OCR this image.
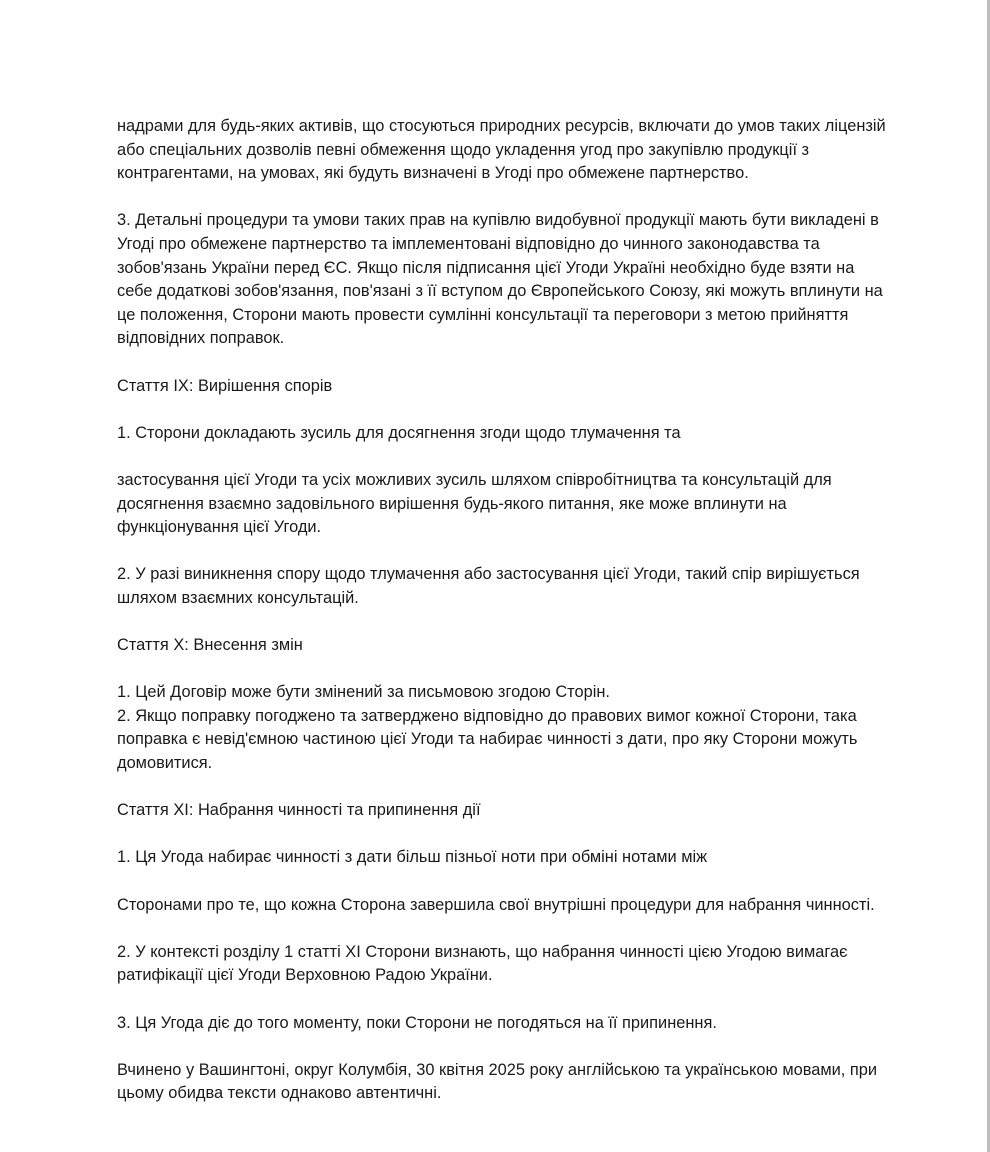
надрами для будь-яких активів, що стосуються природних ресурсів, включати до умов таких ліцензій або спеціальних дозволів певні обмеження щодо укладення угод про закупівлю продукції з контрагентами, на умовах, які будуть визначені в Угоді про обмежене партнерство.

3. Детальні процедури та умови таких прав на купівлю видобувної продукції мають бути викладені в Угоді про обмежене партнерство та імплементовані відповідно до чинного законодавства та зобов'язань України перед ЄС. Якщо після підписання цієї Угоди Україні необхідно буде взяти на себе додаткові зобов'язання, пов'язані з її вступом до Європейського Союзу, які можуть вплинути на це положення, Сторони мають провести сумлінні консультації та переговори з метою прийняття відповідних поправок.

Стаття IX: Вирішення спорів

1. Сторони докладають зусиль для досягнення згоди щодо тлумачення та

застосування цієї Угоди та усіх можливих зусиль шляхом співробітництва та консультацій для досягнення взаємно задовільного вирішення будь-якого питання, яке може вплинути на функціонування цієї Угоди.

2. У разі виникнення спору щодо тлумачення або застосування цієї Угоди, такий спір вирішується шляхом взаємних консультацій.

Стаття X: Внесення змін

1. Цей Договір може бути змінений за письмовою згодою Сторін.

2. Якщо поправку погоджено та затверджено відповідно до правових вимог кожної Сторони, така поправка є невід'ємною частиною цієї Угоди та набирає чинності з дати, про яку Сторони можуть домовитися.

Стаття XI: Набрання чинності та припинення дії

1. Ця Угода набирає чинності з дати більш пізньої ноти при обміні нотами між

Сторонами про те, що кожна Сторона завершила свої внутрішні процедури для набрання чинності.

2. У контексті розділу 1 статті XI Сторони визнають, що набрання чинності цією Угодою вимагає ратифікації цієї Угоди Верховною Радою України.

3. Ця Угода діє до того моменту, поки Сторони не погодяться на її припинення.

Вчинено у Вашингтоні, округ Колумбія, 30 квітня 2025 року англійською та українською мовами, при цьому обидва тексти однаково автентичні.
